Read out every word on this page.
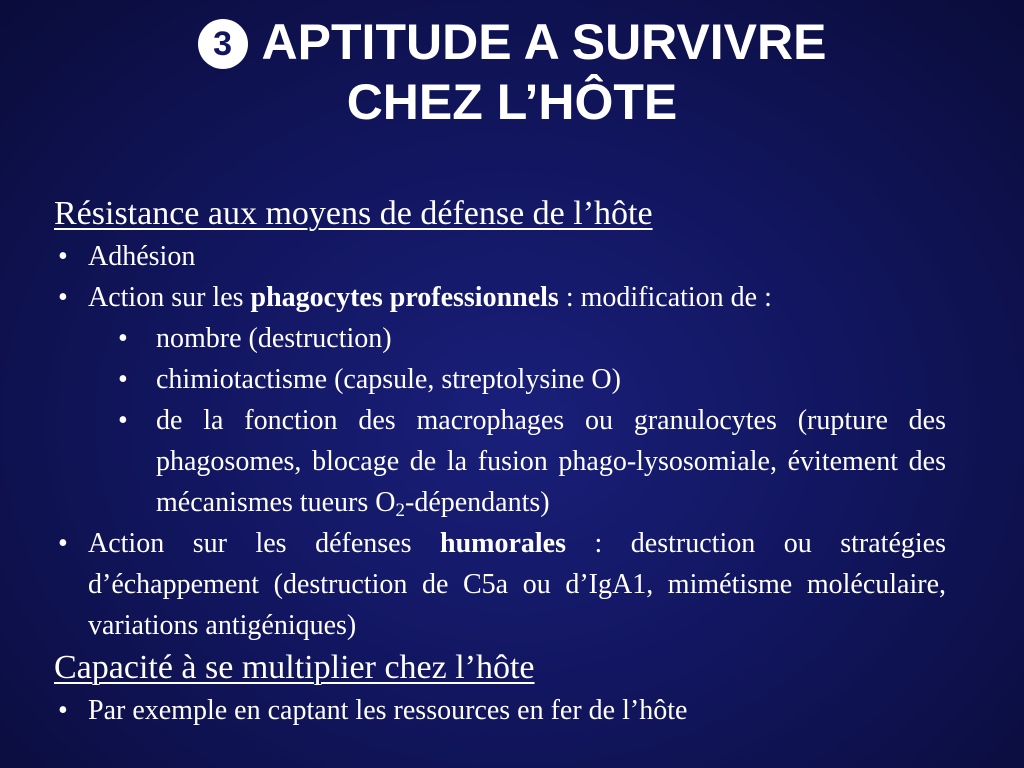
3 APTITUDE A SURVIVRE
CHEZ L’HÔTE
Résistance aux moyens de défense de l’hôte
• Adhésion
• Action sur les phagocytes professionnels : modification de :
• nombre (destruction)
• chimiotactisme (capsule, streptolysine O)
• de la fonction des macrophages ou granulocytes (rupture des phagosomes, blocage de la fusion phago-lysosomiale, évitement des mécanismes tueurs $O_2-dépendants$)
• Action sur les défenses humorales : destruction ou stratégies d’échappement (destruction de C5a ou d’IgA1, mimétisme moléculaire, variations antigéniques)
Capacité à se multiplier chez l’hôte
• Par exemple en captant les ressources en fer de l’hôte
